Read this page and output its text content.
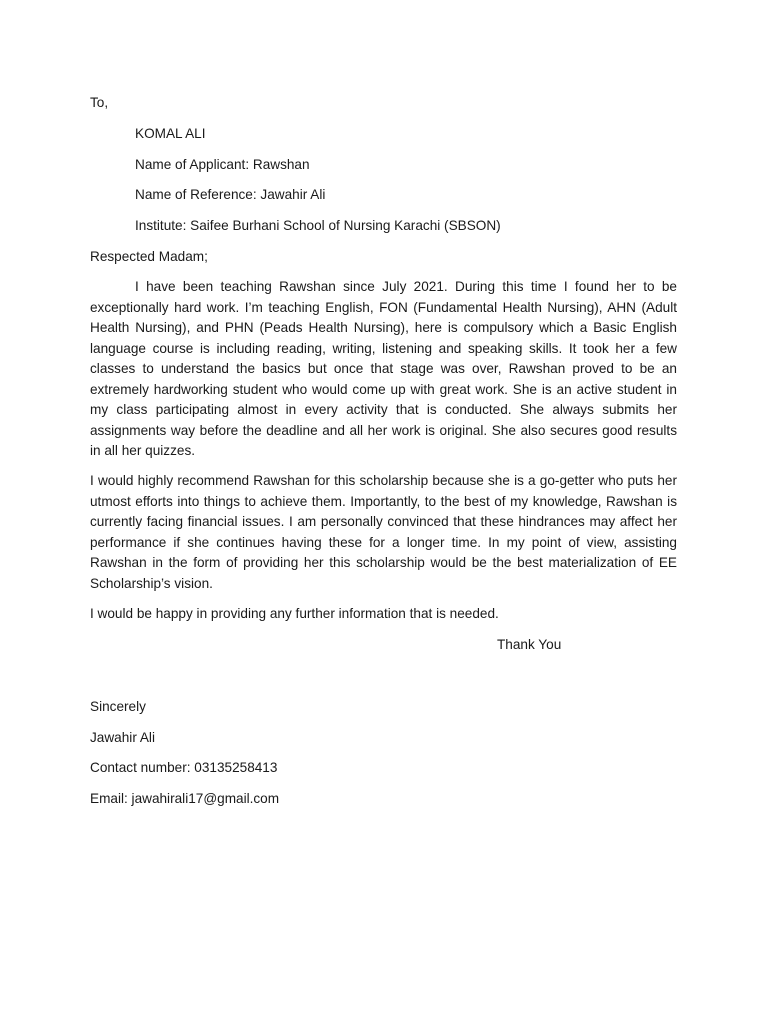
To,
KOMAL ALI
Name of Applicant: Rawshan
Name of Reference: Jawahir Ali
Institute: Saifee Burhani School of Nursing Karachi (SBSON)
Respected Madam;

I have been teaching Rawshan since July 2021. During this time I found her to be exceptionally hard work. I’m teaching English, FON (Fundamental Health Nursing), AHN (Adult Health Nursing), and PHN (Peads Health Nursing), here is compulsory which a Basic English language course is including reading, writing, listening and speaking skills. It took her a few classes to understand the basics but once that stage was over, Rawshan proved to be an extremely hardworking student who would come up with great work. She is an active student in my class participating almost in every activity that is conducted. She always submits her assignments way before the deadline and all her work is original. She also secures good results in all her quizzes.

I would highly recommend Rawshan for this scholarship because she is a go-getter who puts her utmost efforts into things to achieve them. Importantly, to the best of my knowledge, Rawshan is currently facing financial issues. I am personally convinced that these hindrances may affect her performance if she continues having these for a longer time. In my point of view, assisting Rawshan in the form of providing her this scholarship would be the best materialization of EE Scholarship’s vision.

I would be happy in providing any further information that is needed.

Thank You
Sincerely
Jawahir Ali
Contact number: 03135258413
Email: jawahirali17@gmail.com
